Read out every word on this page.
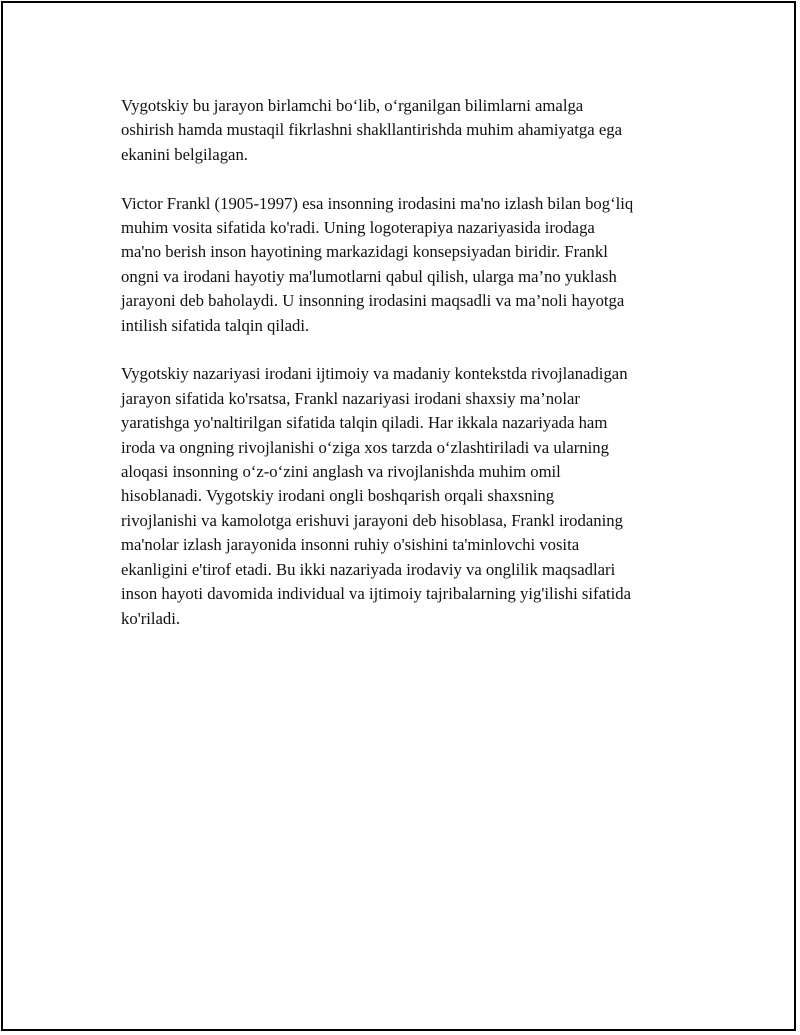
Vygotskiy bu jarayon birlamchi bo‘lib, o‘rganilgan bilimlarni amalga
oshirish hamda mustaqil fikrlashni shakllantirishda muhim ahamiyatga ega
ekanini belgilagan.

Victor Frankl (1905-1997) esa insonning irodasini ma'no izlash bilan bog‘liq
muhim vosita sifatida ko'radi. Uning logoterapiya nazariyasida irodaga
ma'no berish inson hayotining markazidagi konsepsiyadan biridir. Frankl
ongni va irodani hayotiy ma'lumotlarni qabul qilish, ularga ma’no yuklash
jarayoni deb baholaydi. U insonning irodasini maqsadli va ma’noli hayotga
intilish sifatida talqin qiladi.

Vygotskiy nazariyasi irodani ijtimoiy va madaniy kontekstda rivojlanadigan
jarayon sifatida ko'rsatsa, Frankl nazariyasi irodani shaxsiy ma’nolar
yaratishga yo'naltirilgan sifatida talqin qiladi. Har ikkala nazariyada ham
iroda va ongning rivojlanishi o‘ziga xos tarzda o‘zlashtiriladi va ularning
aloqasi insonning o‘z-o‘zini anglash va rivojlanishda muhim omil
hisoblanadi. Vygotskiy irodani ongli boshqarish orqali shaxsning
rivojlanishi va kamolotga erishuvi jarayoni deb hisoblasa, Frankl irodaning
ma'nolar izlash jarayonida insonni ruhiy o'sishini ta'minlovchi vosita
ekanligini e'tirof etadi. Bu ikki nazariyada irodaviy va onglilik maqsadlari
inson hayoti davomida individual va ijtimoiy tajribalarning yig'ilishi sifatida
ko'riladi.
